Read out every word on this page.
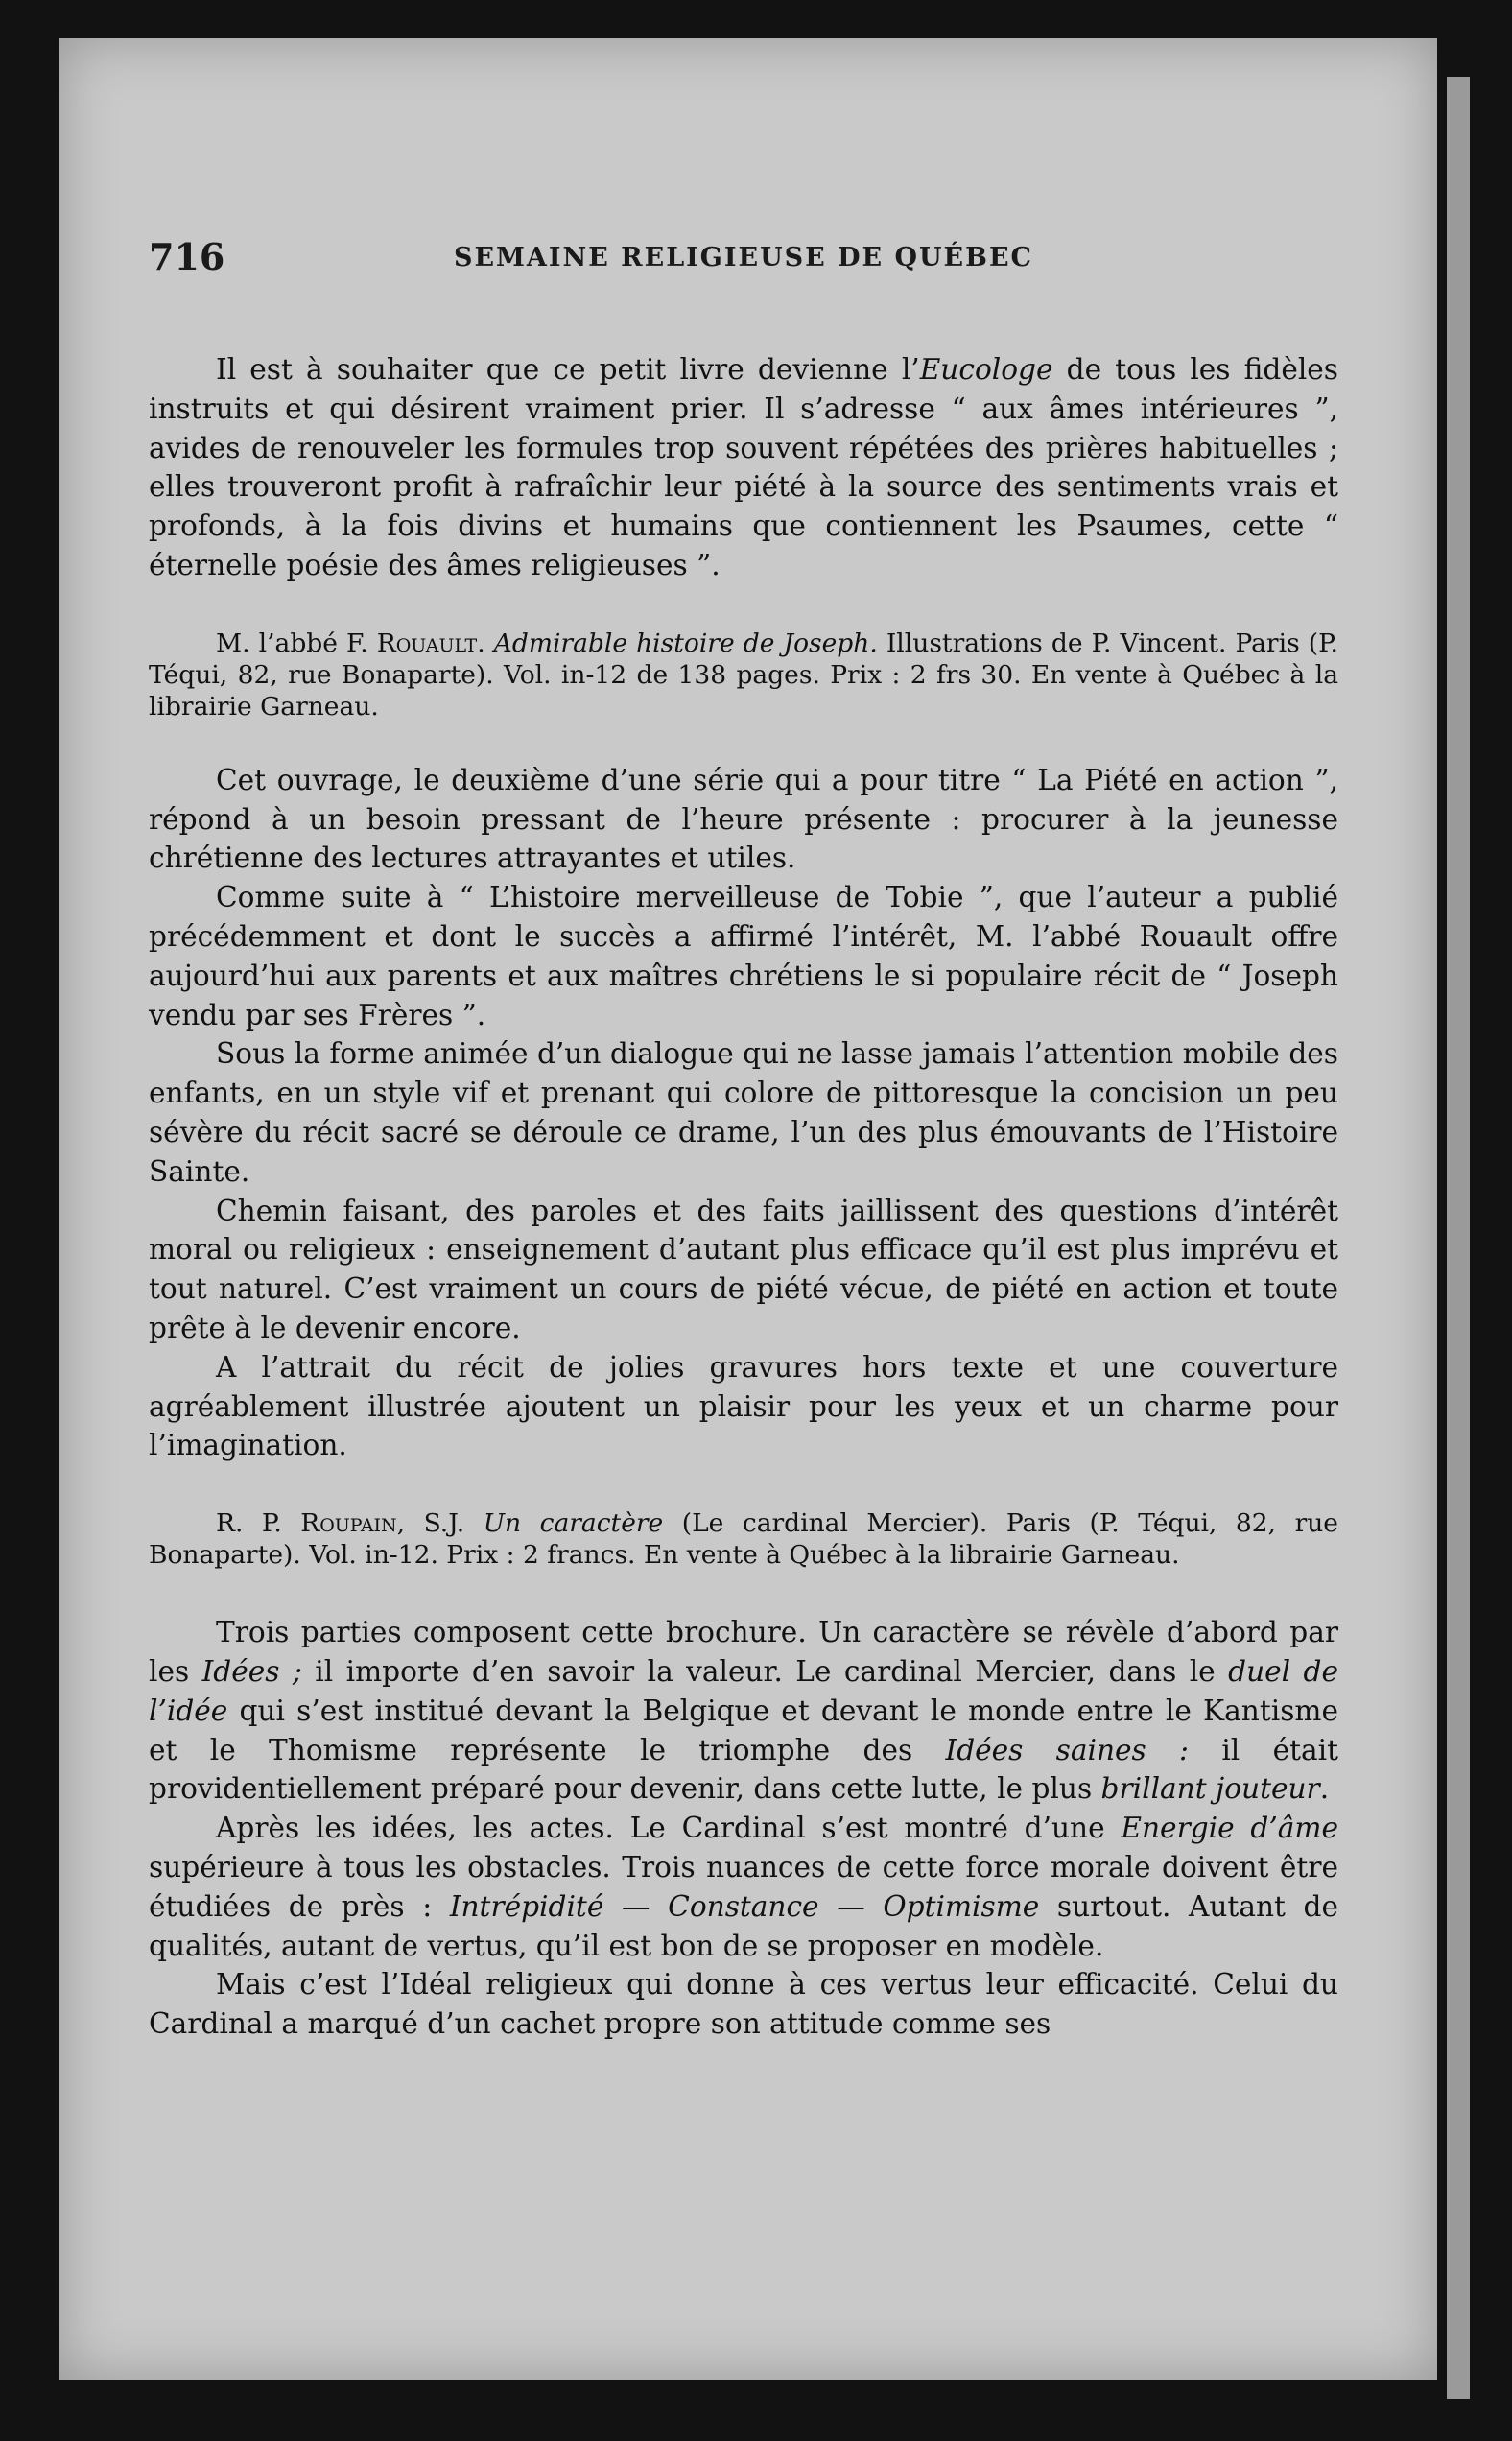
716	SEMAINE RELIGIEUSE DE QUÉBEC

Il est à souhaiter que ce petit livre devienne l’Eucologe de tous les fidèles instruits et qui désirent vraiment prier. Il s’adresse “ aux âmes intérieures ”, avides de renouveler les formules trop souvent répétées des prières habituelles ; elles trouveront profit à rafraîchir leur piété à la source des sentiments vrais et profonds, à la fois divins et humains que contiennent les Psaumes, cette “ éternelle poésie des âmes religieuses ”.

M. l’abbé F. Rouault. Admirable histoire de Joseph. Illustrations de P. Vincent. Paris (P. Téqui, 82, rue Bonaparte). Vol. in-12 de 138 pages. Prix : 2 frs 30. En vente à Québec à la librairie Garneau.

Cet ouvrage, le deuxième d’une série qui a pour titre “ La Piété en action ”, répond à un besoin pressant de l’heure présente : procurer à la jeunesse chrétienne des lectures attrayantes et utiles.

Comme suite à “ L’histoire merveilleuse de Tobie ”, que l’auteur a publié précédemment et dont le succès a affirmé l’intérêt, M. l’abbé Rouault offre aujourd’hui aux parents et aux maîtres chrétiens le si populaire récit de “ Joseph vendu par ses Frères ”.

Sous la forme animée d’un dialogue qui ne lasse jamais l’attention mobile des enfants, en un style vif et prenant qui colore de pittoresque la concision un peu sévère du récit sacré se déroule ce drame, l’un des plus émouvants de l’Histoire Sainte.

Chemin faisant, des paroles et des faits jaillissent des questions d’intérêt moral ou religieux : enseignement d’autant plus efficace qu’il est plus imprévu et tout naturel. C’est vraiment un cours de piété vécue, de piété en action et toute prête à le devenir encore.

A l’attrait du récit de jolies gravures hors texte et une couverture agréablement illustrée ajoutent un plaisir pour les yeux et un charme pour l’imagination.

R. P. Roupain, S.J. Un caractère (Le cardinal Mercier). Paris (P. Téqui, 82, rue Bonaparte). Vol. in-12. Prix : 2 francs. En vente à Québec à la librairie Garneau.

Trois parties composent cette brochure. Un caractère se révèle d’abord par les Idées ; il importe d’en savoir la valeur. Le cardinal Mercier, dans le duel de l’idée qui s’est institué devant la Belgique et devant le monde entre le Kantisme et le Thomisme représente le triomphe des Idées saines : il était providentiellement préparé pour devenir, dans cette lutte, le plus brillant jouteur.

Après les idées, les actes. Le Cardinal s’est montré d’une Energie d’âme supérieure à tous les obstacles. Trois nuances de cette force morale doivent être étudiées de près : Intrépidité — Constance — Optimisme surtout. Autant de qualités, autant de vertus, qu’il est bon de se proposer en modèle.

Mais c’est l’Idéal religieux qui donne à ces vertus leur efficacité. Celui du Cardinal a marqué d’un cachet propre son attitude comme ses
